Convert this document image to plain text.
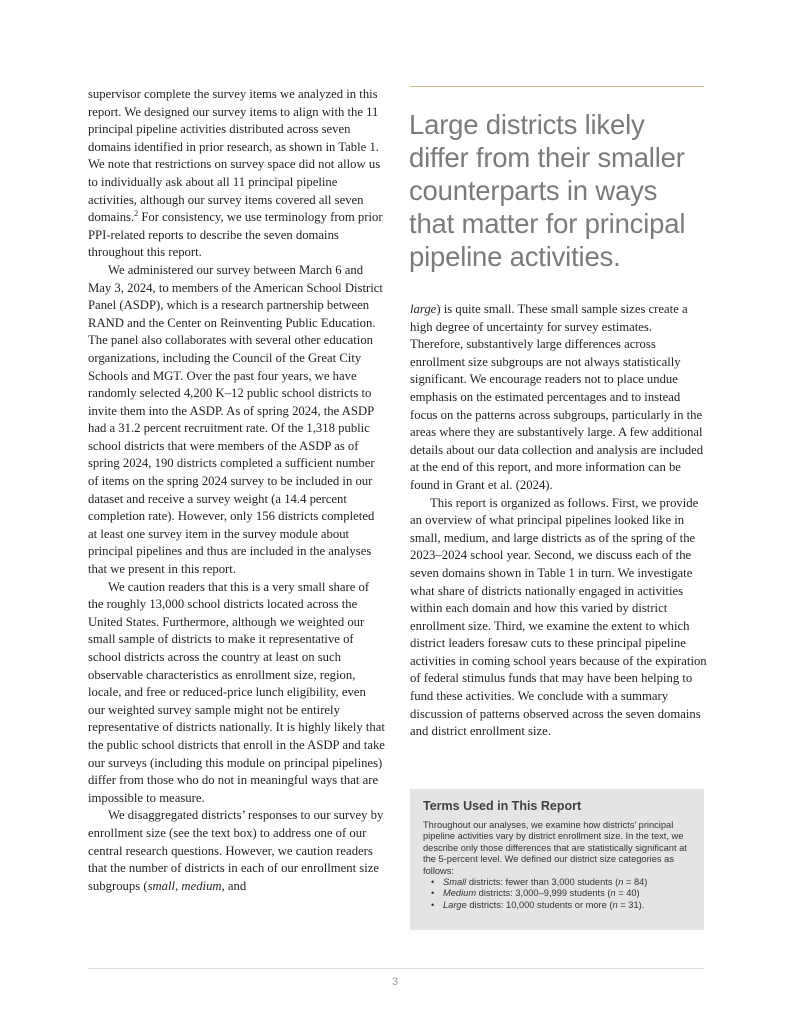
supervisor complete the survey items we analyzed in this report. We designed our survey items to align with the 11 principal pipeline activities distributed across seven domains identified in prior research, as shown in Table 1. We note that restrictions on survey space did not allow us to individually ask about all 11 principal pipeline activities, although our survey items covered all seven domains.$^2$ For consistency, we use terminology from prior PPI-related reports to describe the seven domains throughout this report.

We administered our survey between March 6 and May 3, 2024, to members of the American School District Panel (ASDP), which is a research partnership between RAND and the Center on Reinventing Public Education. The panel also collaborates with several other education organizations, including the Council of the Great City Schools and MGT. Over the past four years, we have randomly selected 4,200 K–12 public school districts to invite them into the ASDP. As of spring 2024, the ASDP had a 31.2 percent recruitment rate. Of the 1,318 public school districts that were members of the ASDP as of spring 2024, 190 districts completed a sufficient number of items on the spring 2024 survey to be included in our dataset and receive a survey weight (a 14.4 percent completion rate). However, only 156 districts completed at least one survey item in the survey module about principal pipelines and thus are included in the analyses that we present in this report.

We caution readers that this is a very small share of the roughly 13,000 school districts located across the United States. Furthermore, although we weighted our small sample of districts to make it representative of school districts across the country at least on such observable characteristics as enrollment size, region, locale, and free or reduced-price lunch eligibility, even our weighted survey sample might not be entirely representative of districts nationally. It is highly likely that the public school districts that enroll in the ASDP and take our surveys (including this module on principal pipelines) differ from those who do not in meaningful ways that are impossible to measure.

We disaggregated districts’ responses to our survey by enrollment size (see the text box) to address one of our central research questions. However, we caution readers that the number of districts in each of our enrollment size subgroups (small, medium, and

Large districts likely differ from their smaller counterparts in ways that matter for principal pipeline activities.

large) is quite small. These small sample sizes create a high degree of uncertainty for survey estimates. Therefore, substantively large differences across enrollment size subgroups are not always statistically significant. We encourage readers not to place undue emphasis on the estimated percentages and to instead focus on the patterns across subgroups, particularly in the areas where they are substantively large. A few additional details about our data collection and analysis are included at the end of this report, and more information can be found in Grant et al. (2024).

This report is organized as follows. First, we provide an overview of what principal pipelines looked like in small, medium, and large districts as of the spring of the 2023–2024 school year. Second, we discuss each of the seven domains shown in Table 1 in turn. We investigate what share of districts nationally engaged in activities within each domain and how this varied by district enrollment size. Third, we examine the extent to which district leaders foresaw cuts to these principal pipeline activities in coming school years because of the expiration of federal stimulus funds that may have been helping to fund these activities. We conclude with a summary discussion of patterns observed across the seven domains and district enrollment size.

Terms Used in This Report

Throughout our analyses, we examine how districts’ principal pipeline activities vary by district enrollment size. In the text, we describe only those differences that are statistically significant at the 5-percent level. We defined our district size categories as follows:

• Small districts: fewer than 3,000 students (n = 84)
• Medium districts: 3,000–9,999 students (n = 40)
• Large districts: 10,000 students or more (n = 31).
3
